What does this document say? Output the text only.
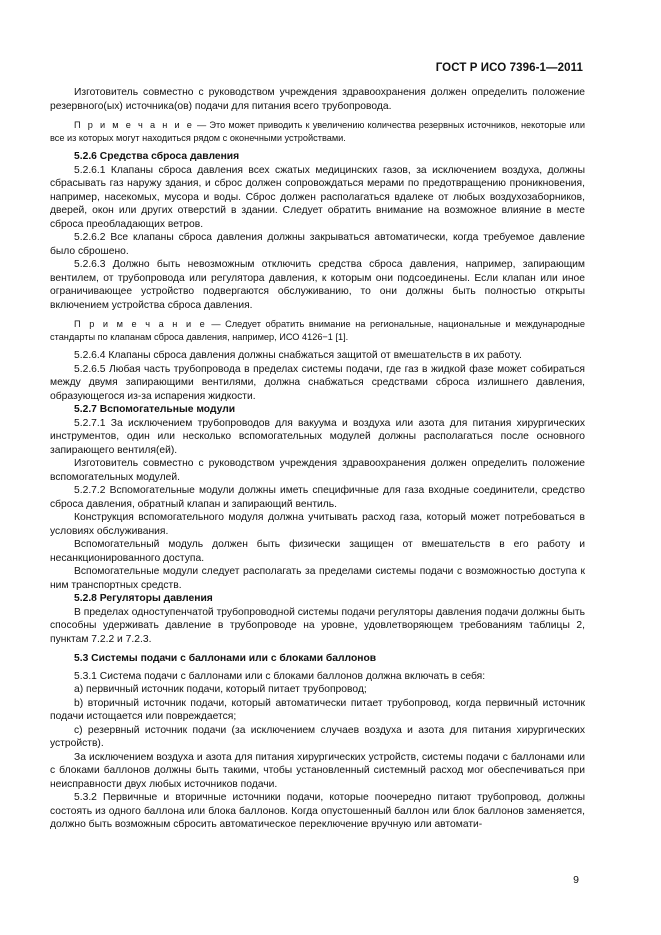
ГОСТ Р ИСО 7396-1—2011

Изготовитель совместно с руководством учреждения здравоохранения должен определить положение резервного(ых) источника(ов) подачи для питания всего трубопровода.

П р и м е ч а н и е — Это может приводить к увеличению количества резервных источников, некоторые или все из которых могут находиться рядом с оконечными устройствами.

5.2.6 Средства сброса давления

5.2.6.1 Клапаны сброса давления всех сжатых медицинских газов, за исключением воздуха, должны сбрасывать газ наружу здания, и сброс должен сопровождаться мерами по предотвращению проникновения, например, насекомых, мусора и воды. Сброс должен располагаться вдалеке от любых воздухозаборников, дверей, окон или других отверстий в здании. Следует обратить внимание на возможное влияние в месте сброса преобладающих ветров.

5.2.6.2 Все клапаны сброса давления должны закрываться автоматически, когда требуемое давление было сброшено.

5.2.6.3 Должно быть невозможным отключить средства сброса давления, например, запирающим вентилем, от трубопровода или регулятора давления, к которым они подсоединены. Если клапан или иное ограничивающее устройство подвергаются обслуживанию, то они должны быть полностью открыты включением устройства сброса давления.

П р и м е ч а н и е — Следует обратить внимание на региональные, национальные и международные стандарты по клапанам сброса давления, например, ИСО 4126−1 [1].

5.2.6.4 Клапаны сброса давления должны снабжаться защитой от вмешательств в их работу.

5.2.6.5 Любая часть трубопровода в пределах системы подачи, где газ в жидкой фазе может собираться между двумя запирающими вентилями, должна снабжаться средствами сброса излишнего давления, образующегося из-за испарения жидкости.

5.2.7 Вспомогательные модули

5.2.7.1 За исключением трубопроводов для вакуума и воздуха или азота для питания хирургических инструментов, один или несколько вспомогательных модулей должны располагаться после основного запирающего вентиля(ей).

Изготовитель совместно с руководством учреждения здравоохранения должен определить положение вспомогательных модулей.

5.2.7.2 Вспомогательные модули должны иметь специфичные для газа входные соединители, средство сброса давления, обратный клапан и запирающий вентиль.

Конструкция вспомогательного модуля должна учитывать расход газа, который может потребоваться в условиях обслуживания.

Вспомогательный модуль должен быть физически защищен от вмешательств в его работу и несанкционированного доступа.

Вспомогательные модули следует располагать за пределами системы подачи с возможностью доступа к ним транспортных средств.

5.2.8 Регуляторы давления

В пределах одноступенчатой трубопроводной системы подачи регуляторы давления подачи должны быть способны удерживать давление в трубопроводе на уровне, удовлетворяющем требованиям таблицы 2, пунктам 7.2.2 и 7.2.3.

5.3 Системы подачи с баллонами или с блоками баллонов

5.3.1 Система подачи с баллонами или с блоками баллонов должна включать в себя:

a) первичный источник подачи, который питает трубопровод;

b) вторичный источник подачи, который автоматически питает трубопровод, когда первичный источник подачи истощается или повреждается;

c) резервный источник подачи (за исключением случаев воздуха и азота для питания хирургических устройств).

За исключением воздуха и азота для питания хирургических устройств, системы подачи с баллонами или с блоками баллонов должны быть такими, чтобы установленный системный расход мог обеспечиваться при неисправности двух любых источников подачи.

5.3.2 Первичные и вторичные источники подачи, которые поочередно питают трубопровод, должны состоять из одного баллона или блока баллонов. Когда опустошенный баллон или блок баллонов заменяется, должно быть возможным сбросить автоматическое переключение вручную или автомати-

9
